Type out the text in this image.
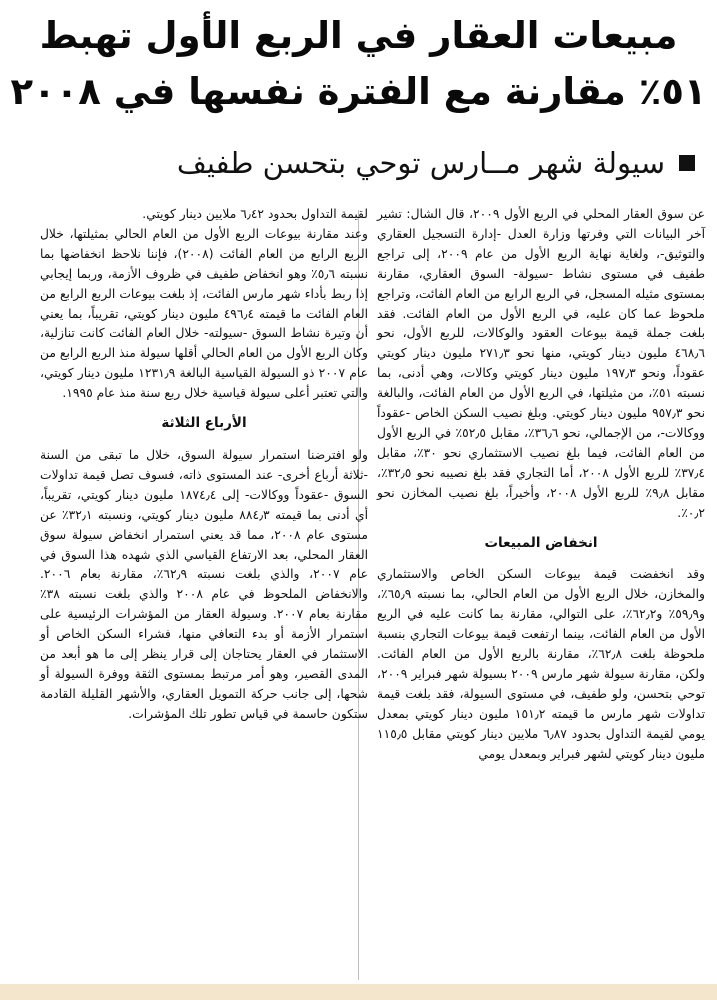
مبيعات العقار في الربع الأول تهبط
٥١٪ مقارنة مع الفترة نفسها في ٢٠٠٨
سيولة شهر مــارس توحي بتحسن طفيف

عن سوق العقار المحلي في الربع الأول ٢٠٠٩، قال الشال: تشير آخر البيانات التي وفرتها وزارة العدل -إدارة التسجيل العقاري والتوثيق-، ولغاية نهاية الربع الأول من عام ٢٠٠٩، إلى تراجع طفيف في مستوى نشاط -سيولة- السوق العقاري، مقارنة بمستوى مثيله المسجل، في الربع الرابع من العام الفائت، وتراجع ملحوظ عما كان عليه، في الربع الأول من العام الفائت. فقد بلغت جملة قيمة بيوعات العقود والوكالات، للربع الأول، نحو ٤٦٨٫٦ مليون دينار كويتي، منها نحو ٢٧١٫٣ مليون دينار كويتي عقوداً، ونحو ١٩٧٫٣ مليون دينار كويتي وكالات، وهي أدنى، بما نسبته ٥١٪، من مثيلتها، في الربع الأول من العام الفائت، والبالغة نحو ٩٥٧٫٣ مليون دينار كويتي. وبلغ نصيب السكن الخاص -عقوداً ووكالات-، من الإجمالي، نحو ٣٦٫٦٪، مقابل ٥٢٫٥٪ في الربع الأول من العام الفائت، فيما بلغ نصيب الاستثماري نحو ٣٠٪، مقابل ٣٧٫٤٪ للربع الأول ٢٠٠٨، أما التجاري فقد بلغ نصيبه نحو ٣٢٫٥٪، مقابل ٩٫٨٪ للربع الأول ٢٠٠٨، وأخيراً، بلغ نصيب المخازن نحو ٠٫٢٪.

انخفاض المبيعات

وقد انخفضت قيمة بيوعات السكن الخاص والاستثماري والمخازن، خلال الربع الأول من العام الحالي، بما نسبته ٦٥٫٩٪، و٥٩٫٩٪ و٦٢٫٢٪، على التوالي، مقارنة بما كانت عليه في الربع الأول من العام الفائت، بينما ارتفعت قيمة بيوعات التجاري بنسبة ملحوظة بلغت ٦٢٫٨٪، مقارنة بالربع الأول من العام الفائت. ولكن، مقارنة سيولة شهر مارس ٢٠٠٩ بسيولة شهر فبراير ٢٠٠٩، توحي بتحسن، ولو طفيف، في مستوى السيولة، فقد بلغت قيمة تداولات شهر مارس ما قيمته ١٥١٫٢ مليون دينار كويتي بمعدل يومي لقيمة التداول بحدود ٦٫٨٧ ملايين دينار كويتي مقابل ١١٥٫٥ مليون دينار كويتي لشهر فبراير وبمعدل يومي

لقيمة التداول بحدود ٦٫٤٢ ملايين دينار كويتي.

وعند مقارنة بيوعات الربع الأول من العام الحالي بمثيلتها، خلال الربع الرابع من العام الفائت (٢٠٠٨)، فإننا نلاحظ انخفاضها بما نسبته ٥٫٦٪ وهو انخفاض طفيف في ظروف الأزمة، وربما إيجابي إذا ربط بأداء شهر مارس الفائت، إذ بلغت بيوعات الربع الرابع من العام الفائت ما قيمته ٤٩٦٫٤ مليون دينار كويتي، تقريباً، بما يعني أن وتيرة نشاط السوق -سيولته- خلال العام الفائت كانت تنازلية، وكان الربع الأول من العام الحالي أقلها سيولة منذ الربع الرابع من عام ٢٠٠٧ ذو السيولة القياسية البالغة ١٢٣١٫٩ مليون دينار كويتي، والتي تعتبر أعلى سيولة قياسية خلال ربع سنة منذ عام ١٩٩٥.

الأرباع الثلاثة

ولو افترضنا استمرار سيولة السوق، خلال ما تبقى من السنة -ثلاثة أرباع أخرى- عند المستوى ذاته، فسوف تصل قيمة تداولات السوق -عقوداً ووكالات- إلى ١٨٧٤٫٤ مليون دينار كويتي، تقريباً، أي أدنى بما قيمته ٨٨٤٫٣ مليون دينار كويتي، ونسبته ٣٢٫١٪ عن مستوى عام ٢٠٠٨، مما قد يعني استمرار انخفاض سيولة سوق العقار المحلي، بعد الارتفاع القياسي الذي شهده هذا السوق في عام ٢٠٠٧، والذي بلغت نسبته ٦٢٫٩٪، مقارنة بعام ٢٠٠٦. والانخفاض الملحوظ في عام ٢٠٠٨ والذي بلغت نسبته ٣٨٪ مقارنة بعام ٢٠٠٧. وسيولة العقار من المؤشرات الرئيسية على استمرار الأزمة أو بدء التعافي منها، فشراء السكن الخاص أو الاستثمار في العقار يحتاجان إلى قرار ينظر إلى ما هو أبعد من المدى القصير، وهو أمر مرتبط بمستوى الثقة ووفرة السيولة أو شحها، إلى جانب حركة التمويل العقاري، والأشهر القليلة القادمة ستكون حاسمة في قياس تطور تلك المؤشرات.
